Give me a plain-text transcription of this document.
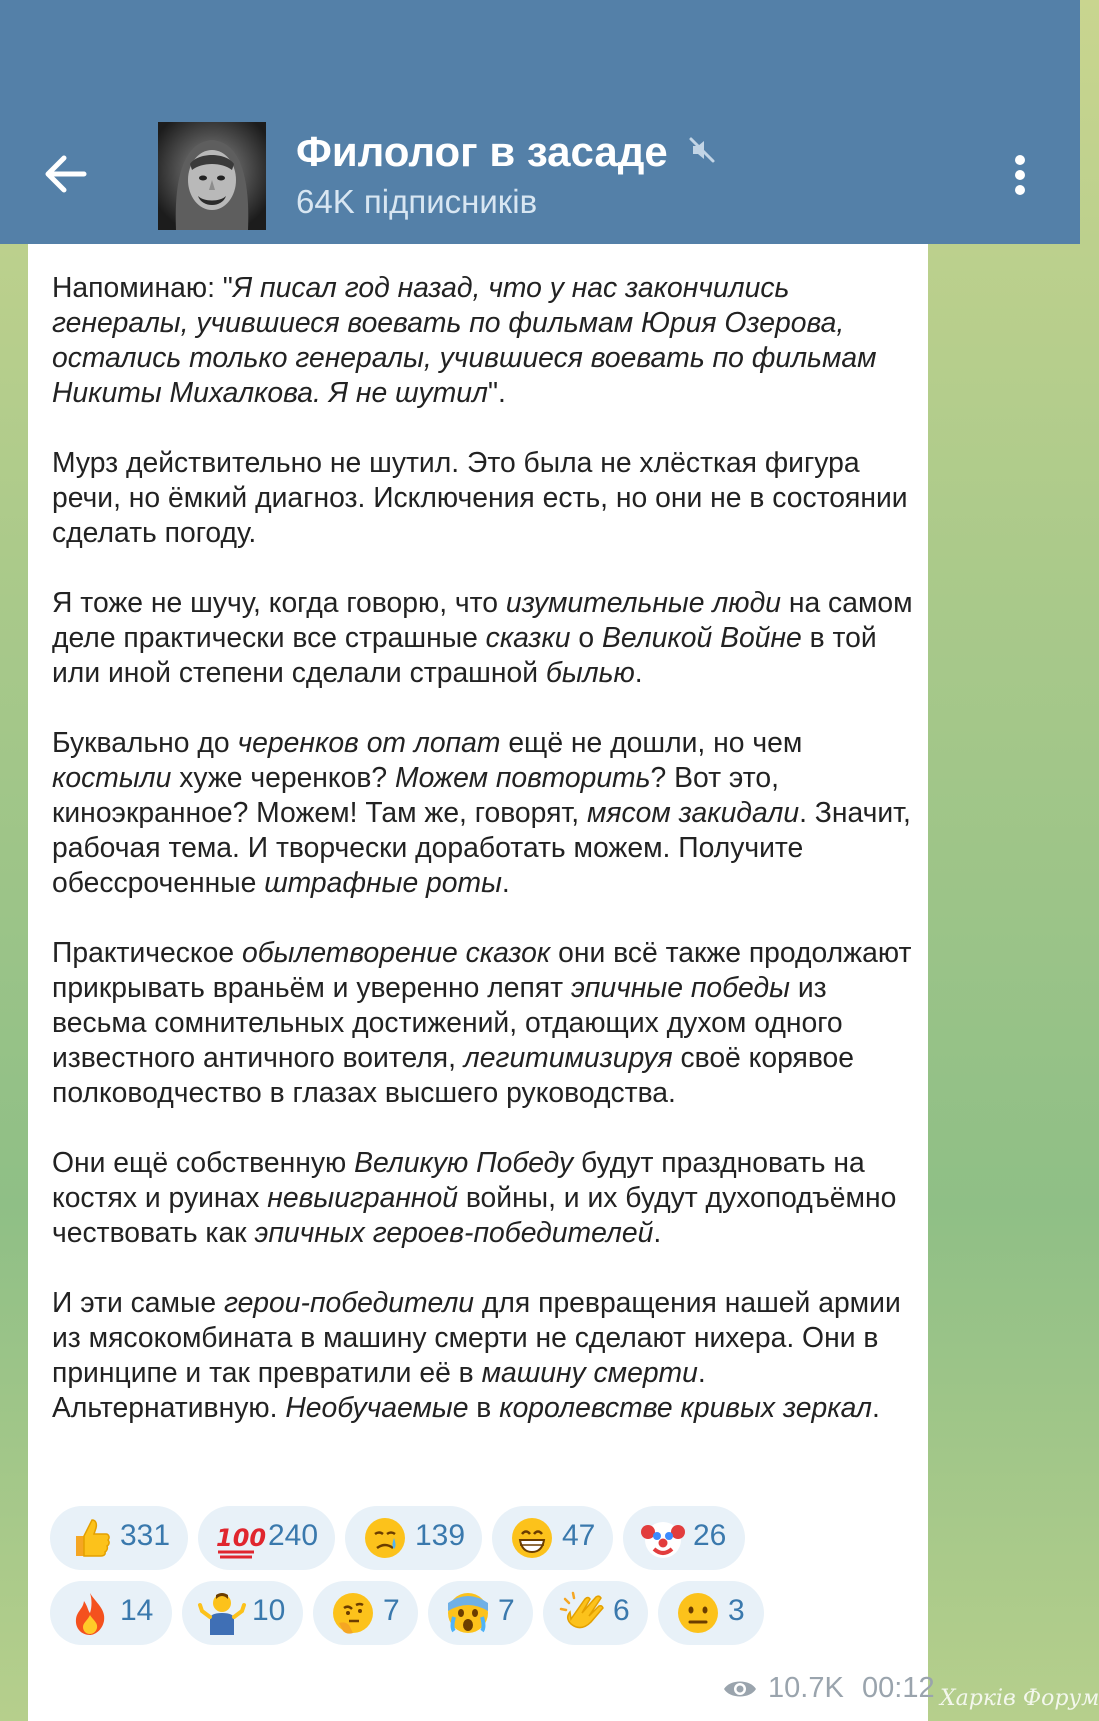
Филолог в засаде
64K підписників

Напоминаю: "Я писал год назад, что у нас закончились генералы, учившиеся воевать по фильмам Юрия Озерова, остались только генералы, учившиеся воевать по фильмам Никиты Михалкова. Я не шутил".

Мурз действительно не шутил. Это была не хлёсткая фигура речи, но ёмкий диагноз. Исключения есть, но они не в состоянии сделать погоду.

Я тоже не шучу, когда говорю, что изумительные люди на самом деле практически все страшные сказки о Великой Войне в той или иной степени сделали страшной былью.

Буквально до черенков от лопат ещё не дошли, но чем костыли хуже черенков? Можем повторить? Вот это, киноэкранное? Можем! Там же, говорят, мясом закидали. Значит, рабочая тема. И творчески доработать можем. Получите обессроченные штрафные роты.

Практическое обылетворение сказок они всё также продолжают прикрывать враньём и уверенно лепят эпичные победы из весьма сомнительных достижений, отдающих духом одного известного античного воителя, легитимизируя своё корявое полководчество в глазах высшего руководства.

Они ещё собственную Великую Победу будут праздновать на костях и руинах невыигранной войны, и их будут духоподъёмно чествовать как эпичных героев-победителей.

И эти самые герои-победители для превращения нашей армии из мясокомбината в машину смерти не сделают нихера. Они в принципе и так превратили её в машину смерти. Альтернативную. Необучаемые в королевстве кривых зеркал.

331 100 240	139	47	26
14	10	7	7	6	3
10.7K 00:12 Харків Форум
